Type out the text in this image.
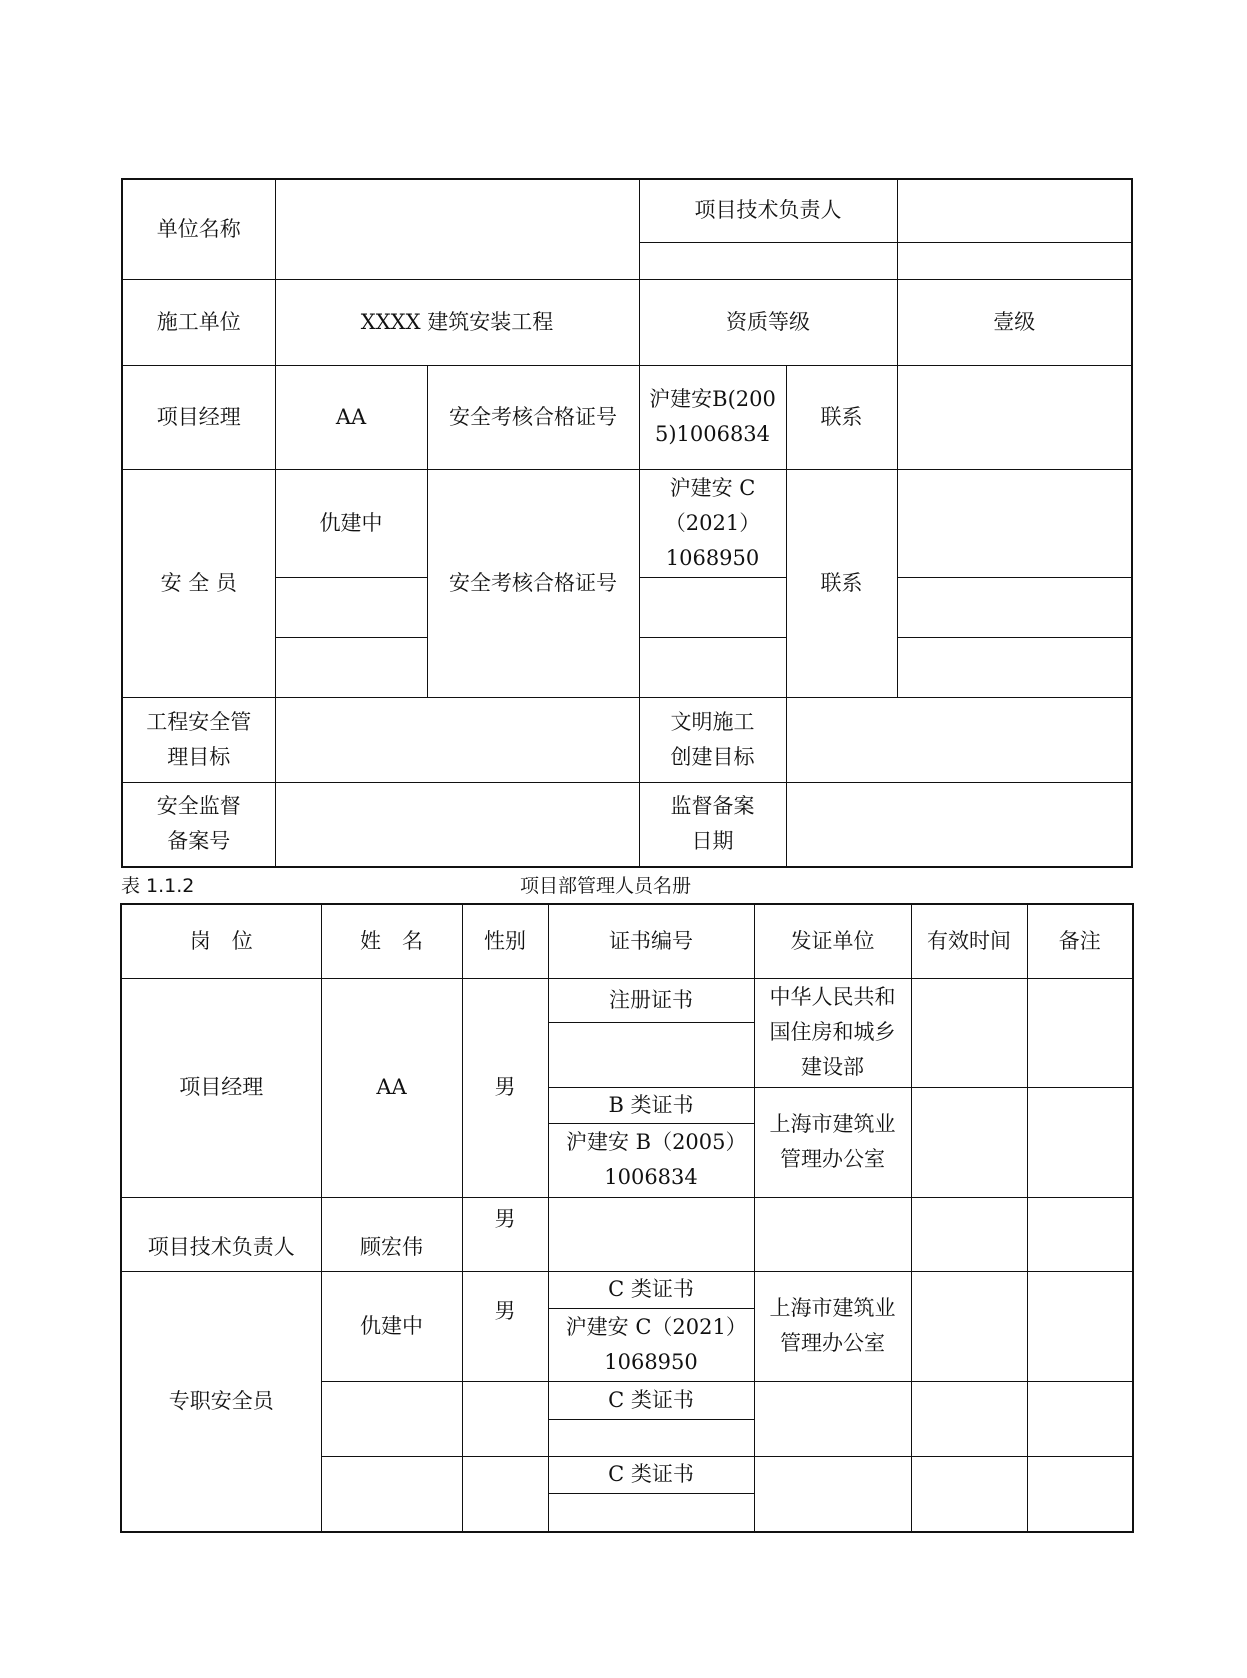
单位名称			项目技术负责人		

施工单位	XXXX 建筑安装工程		资质等级		壹级
项目经理	AA	安全考核合格证号	沪建安B(2005)1006834	联系	
安 全 员	仇建中	安全考核合格证号	沪建安 C（2021）1068950	联系	

工程安全管理目标			文明施工创建目标		
安全监督备案号			监督备案日期		
表 1.1.2	项目部管理人员名册
岗　位	姓　名	性别	证书编号	发证单位	有效时间	备注
项目经理	AA	男	注册证书	中华人民共和国住房和城乡建设部		

			B 类证书	上海市建筑业管理办公室		
			沪建安 B（2005）1006834			
项目技术负责人	顾宏伟	男				
专职安全员	仇建中	男	C 类证书	上海市建筑业管理办公室		
			沪建安 C（2021）1068950			
			C 类证书			

			C 类证书			
